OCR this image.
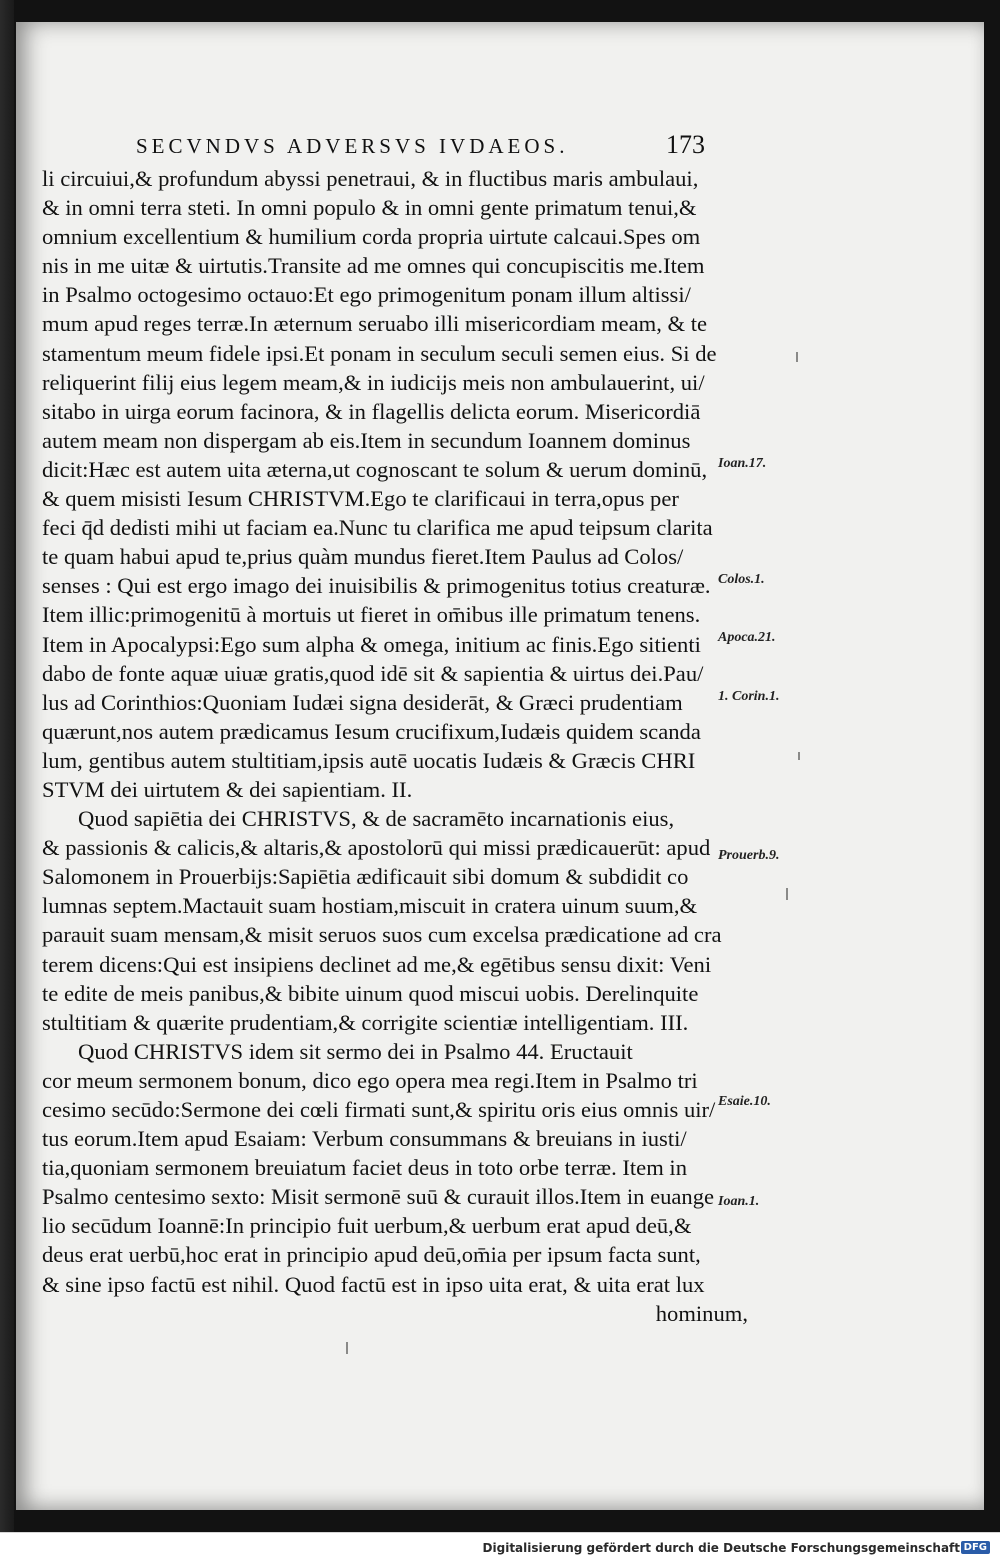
SECVNDVS ADVERSVS IVDAEOS.	173
li circuiui,& profundum abyssi penetraui, & in fluctibus maris ambulaui,
& in omni terra steti. In omni populo & in omni gente primatum tenui,&
omnium excellentium & humilium corda propria uirtute calcaui.Spes om
nis in me uitæ & uirtutis.Transite ad me omnes qui concupiscitis me.Item
in Psalmo octogesimo octauo:Et ego primogenitum ponam illum altissi/
mum apud reges terræ.In æternum seruabo illi misericordiam meam, & te
stamentum meum fidele ipsi.Et ponam in seculum seculi semen eius. Si de
reliquerint filij eius legem meam,& in iudicijs meis non ambulauerint, ui/
sitabo in uirga eorum facinora, & in flagellis delicta eorum. Misericordiā
autem meam non dispergam ab eis.Item in secundum Ioannem dominus
dicit:Hæc est autem uita æterna,ut cognoscant te solum & uerum dominū,
& quem misisti Iesum CHRISTVM.Ego te clarificaui in terra,opus per
feci q̄d dedisti mihi ut faciam ea.Nunc tu clarifica me apud teipsum clarita
te quam habui apud te,prius quàm mundus fieret.Item Paulus ad Colos/
senses : Qui est ergo imago dei inuisibilis & primogenitus totius creaturæ.
Item illic:primogenitū à mortuis ut fieret in om̄ibus ille primatum tenens.
Item in Apocalypsi:Ego sum alpha & omega, initium ac finis.Ego sitienti
dabo de fonte aquæ uiuæ gratis,quod idē sit & sapientia & uirtus dei.Pau/
lus ad Corinthios:Quoniam Iudæi signa desiderāt, & Græci prudentiam
quærunt,nos autem prædicamus Iesum crucifixum,Iudæis quidem scanda
lum, gentibus autem stultitiam,ipsis autē uocatis Iudæis & Græcis CHRI
STVM dei uirtutem & dei sapientiam. II.
Quod sapiētia dei CHRISTVS, & de sacramēto incarnationis eius,
& passionis & calicis,& altaris,& apostolorū qui missi prædicauerūt: apud
Salomonem in Prouerbijs:Sapiētia ædificauit sibi domum & subdidit co
lumnas septem.Mactauit suam hostiam,miscuit in cratera uinum suum,&
parauit suam mensam,& misit seruos suos cum excelsa prædicatione ad cra
terem dicens:Qui est insipiens declinet ad me,& egētibus sensu dixit: Veni
te edite de meis panibus,& bibite uinum quod miscui uobis. Derelinquite
stultitiam & quærite prudentiam,& corrigite scientiæ intelligentiam. III.
Quod CHRISTVS idem sit sermo dei in Psalmo 44. Eructauit
cor meum sermonem bonum, dico ego opera mea regi.Item in Psalmo tri
cesimo secūdo:Sermone dei cœli firmati sunt,& spiritu oris eius omnis uir/
tus eorum.Item apud Esaiam: Verbum consummans & breuians in iusti/
tia,quoniam sermonem breuiatum faciet deus in toto orbe terræ. Item in
Psalmo centesimo sexto: Misit sermonē suū & curauit illos.Item in euange
lio secūdum Ioannē:In principio fuit uerbum,& uerbum erat apud deū,&
deus erat uerbū,hoc erat in principio apud deū,om̄ia per ipsum facta sunt,
& sine ipso factū est nihil. Quod factū est in ipso uita erat, & uita erat lux
hominum,
Ioan.17.
Colos.1.
Apoca.21.
1. Corin.1.
Prouerb.9.
Esaie.10.
Ioan.1.
Digitalisierung gefördert durch die Deutsche Forschungsgemeinschaft DFG
